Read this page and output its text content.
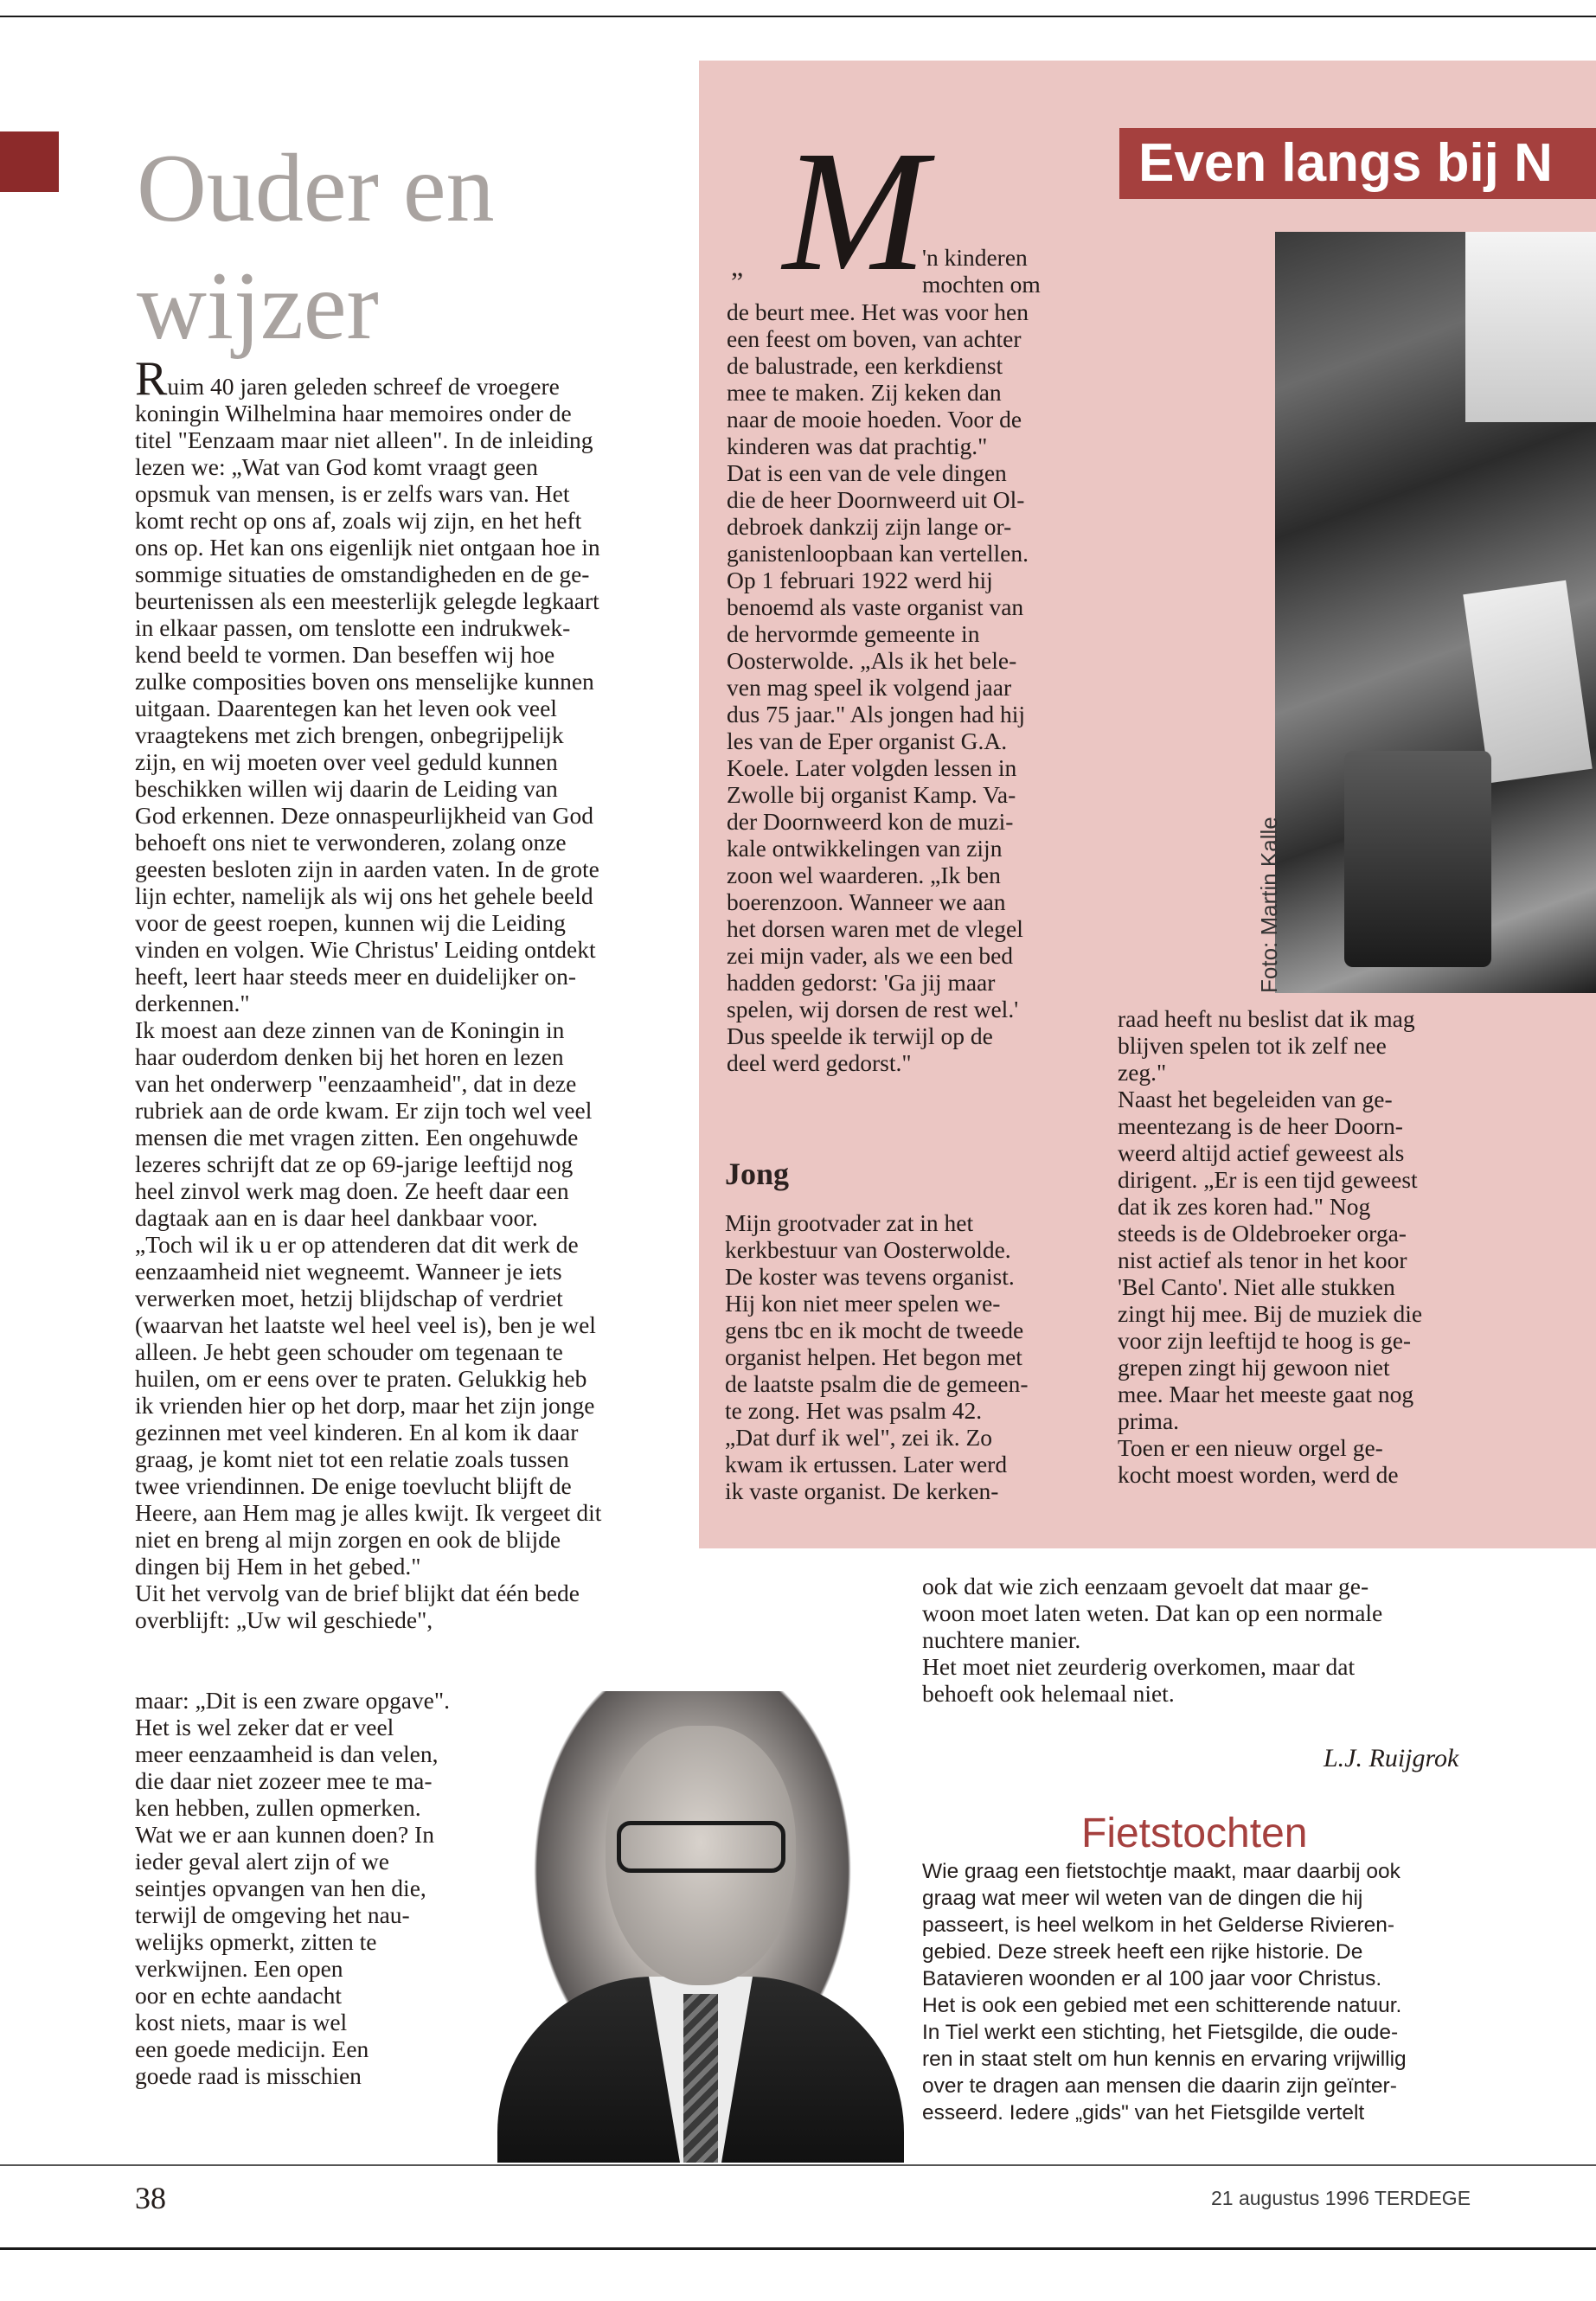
Ouder en wijzer

Ruim 40 jaren geleden schreef de vroegere
koningin Wilhelmina haar memoires onder de
titel "Eenzaam maar niet alleen". In de inleiding
lezen we: „Wat van God komt vraagt geen
opsmuk van mensen, is er zelfs wars van. Het
komt recht op ons af, zoals wij zijn, en het heft
ons op. Het kan ons eigenlijk niet ontgaan hoe in
sommige situaties de omstandigheden en de ge-
beurtenissen als een meesterlijk gelegde legkaart
in elkaar passen, om tenslotte een indrukwek-
kend beeld te vormen. Dan beseffen wij hoe
zulke composities boven ons menselijke kunnen
uitgaan. Daarentegen kan het leven ook veel
vraagtekens met zich brengen, onbegrijpelijk
zijn, en wij moeten over veel geduld kunnen
beschikken willen wij daarin de Leiding van
God erkennen. Deze onnaspeurlijkheid van God
behoeft ons niet te verwonderen, zolang onze
geesten besloten zijn in aarden vaten. In de grote
lijn echter, namelijk als wij ons het gehele beeld
voor de geest roepen, kunnen wij die Leiding
vinden en volgen. Wie Christus' Leiding ontdekt
heeft, leert haar steeds meer en duidelijker on-
derkennen."
Ik moest aan deze zinnen van de Koningin in
haar ouderdom denken bij het horen en lezen
van het onderwerp "eenzaamheid", dat in deze
rubriek aan de orde kwam. Er zijn toch wel veel
mensen die met vragen zitten. Een ongehuwde
lezeres schrijft dat ze op 69-jarige leeftijd nog
heel zinvol werk mag doen. Ze heeft daar een
dagtaak aan en is daar heel dankbaar voor.
„Toch wil ik u er op attenderen dat dit werk de
eenzaamheid niet wegneemt. Wanneer je iets
verwerken moet, hetzij blijdschap of verdriet
(waarvan het laatste wel heel veel is), ben je wel
alleen. Je hebt geen schouder om tegenaan te
huilen, om er eens over te praten. Gelukkig heb
ik vrienden hier op het dorp, maar het zijn jonge
gezinnen met veel kinderen. En al kom ik daar
graag, je komt niet tot een relatie zoals tussen
twee vriendinnen. De enige toevlucht blijft de
Heere, aan Hem mag je alles kwijt. Ik vergeet dit
niet en breng al mijn zorgen en ook de blijde
dingen bij Hem in het gebed."
Uit het vervolg van de brief blijkt dat één bede
overblijft: „Uw wil geschiede",

maar: „Dit is een zware opgave".
Het is wel zeker dat er veel
meer eenzaamheid is dan velen,
die daar niet zozeer mee te ma-
ken hebben, zullen opmerken.
Wat we er aan kunnen doen? In
ieder geval alert zijn of we
seintjes opvangen van hen die,
terwijl de omgeving het nau-
welijks opmerkt, zitten te
verkwijnen. Een open
oor en echte aandacht
kost niets, maar is wel
een goede medicijn. Een
goede raad is misschien

M
„	'n kinderen
mochten om

de beurt mee. Het was voor hen
een feest om boven, van achter
de balustrade, een kerkdienst
mee te maken. Zij keken dan
naar de mooie hoeden. Voor de
kinderen was dat prachtig."
Dat is een van de vele dingen
die de heer Doornweerd uit Ol-
debroek dankzij zijn lange or-
ganistenloopbaan kan vertellen.
Op 1 februari 1922 werd hij
benoemd als vaste organist van
de hervormde gemeente in
Oosterwolde. „Als ik het bele-
ven mag speel ik volgend jaar
dus 75 jaar." Als jongen had hij
les van de Eper organist G.A.
Koele. Later volgden lessen in
Zwolle bij organist Kamp. Va-
der Doornweerd kon de muzi-
kale ontwikkelingen van zijn
zoon wel waarderen. „Ik ben
boerenzoon. Wanneer we aan
het dorsen waren met de vlegel
zei mijn vader, als we een bed
hadden gedorst: 'Ga jij maar
spelen, wij dorsen de rest wel.'
Dus speelde ik terwijl op de
deel werd gedorst."

Jong

Mijn grootvader zat in het
kerkbestuur van Oosterwolde.
De koster was tevens organist.
Hij kon niet meer spelen we-
gens tbc en ik mocht de tweede
organist helpen. Het begon met
de laatste psalm die de gemeen-
te zong. Het was psalm 42.
„Dat durf ik wel", zei ik. Zo
kwam ik ertussen. Later werd
ik vaste organist. De kerken-

Even langs bij N
Foto: Martin Kalle

raad heeft nu beslist dat ik mag
blijven spelen tot ik zelf nee
zeg."
Naast het begeleiden van ge-
meentezang is de heer Doorn-
weerd altijd actief geweest als
dirigent. „Er is een tijd geweest
dat ik zes koren had." Nog
steeds is de Oldebroeker orga-
nist actief als tenor in het koor
'Bel Canto'. Niet alle stukken
zingt hij mee. Bij de muziek die
voor zijn leeftijd te hoog is ge-
grepen zingt hij gewoon niet
mee. Maar het meeste gaat nog
prima.
Toen er een nieuw orgel ge-
kocht moest worden, werd de

ook dat wie zich eenzaam gevoelt dat maar ge-
woon moet laten weten. Dat kan op een normale
nuchtere manier.
Het moet niet zeurderig overkomen, maar dat
behoeft ook helemaal niet.

L.J. Ruijgrok
Fietstochten

Wie graag een fietstochtje maakt, maar daarbij ook
graag wat meer wil weten van de dingen die hij
passeert, is heel welkom in het Gelderse Rivieren-
gebied. Deze streek heeft een rijke historie. De
Batavieren woonden er al 100 jaar voor Christus.
Het is ook een gebied met een schitterende natuur.
In Tiel werkt een stichting, het Fietsgilde, die oude-
ren in staat stelt om hun kennis en ervaring vrijwillig
over te dragen aan mensen die daarin zijn geïnter-
esseerd. Iedere „gids" van het Fietsgilde vertelt

38	21 augustus 1996 TERDEGE
